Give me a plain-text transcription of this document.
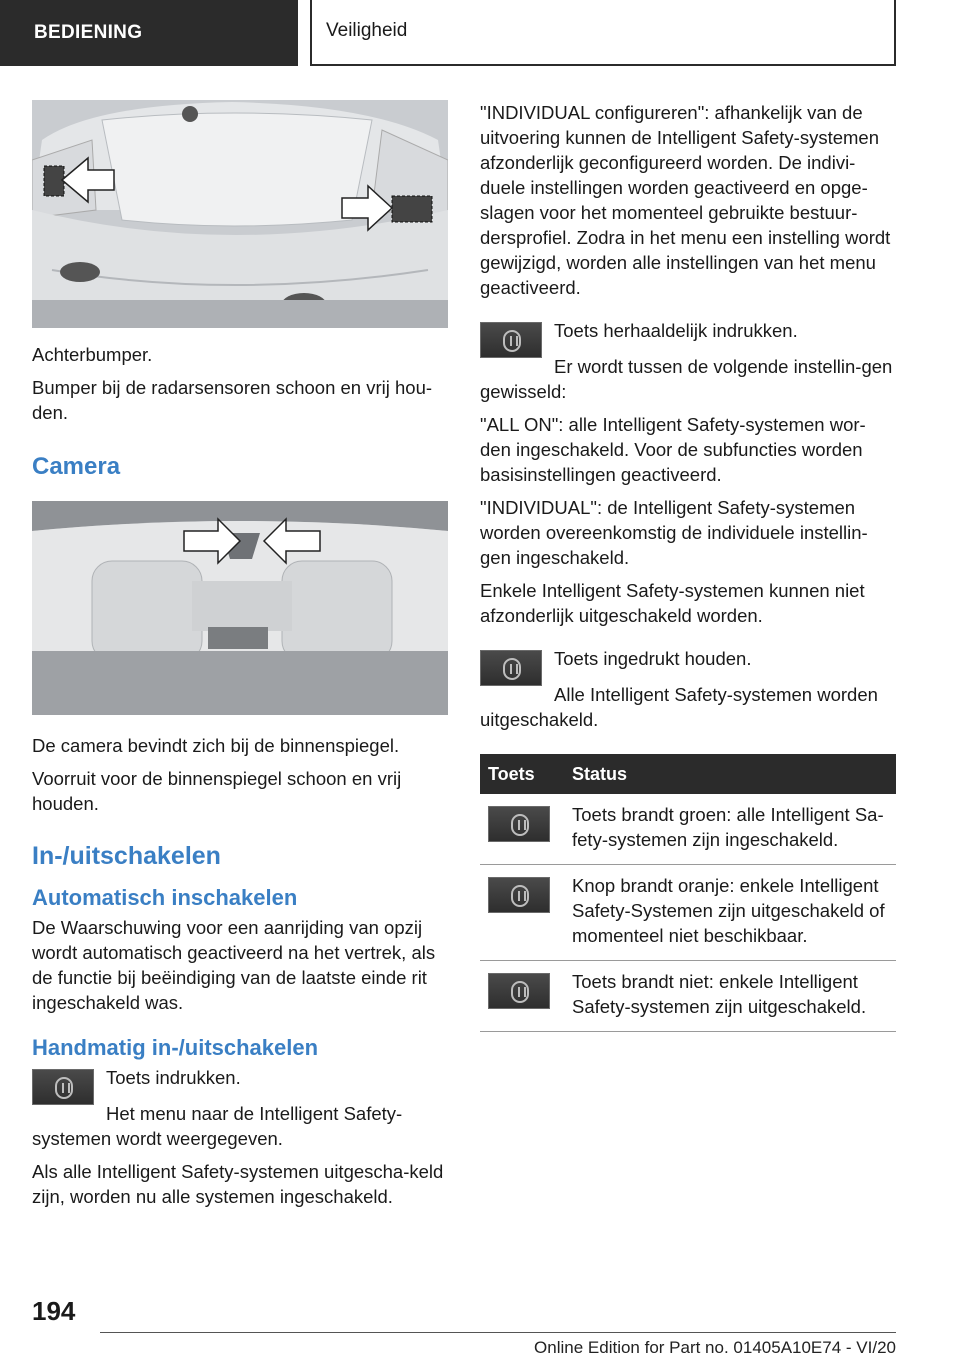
BEDIENING	Veiligheid

Achterbumper.

Bumper bij de radarsensoren schoon en vrij hou-den.

Camera

De camera bevindt zich bij de binnenspiegel.

Voorruit voor de binnenspiegel schoon en vrij houden.

In-/uitschakelen
Automatisch inschakelen

De Waarschuwing voor een aanrijding van opzij wordt automatisch geactiveerd na het vertrek, als de functie bij beëindiging van de laatste einde rit ingeschakeld was.

Handmatig in-/uitschakelen

Toets indrukken.

Het menu naar de Intelligent Safety-systemen wordt weergegeven.

Als alle Intelligent Safety-systemen uitgescha-keld zijn, worden nu alle systemen ingeschakeld.

"INDIVIDUAL configureren": afhankelijk van de uitvoering kunnen de Intelligent Safety-systemen afzonderlijk geconfigureerd worden. De indivi-duele instellingen worden geactiveerd en opge-slagen voor het momenteel gebruikte bestuur-dersprofiel. Zodra in het menu een instelling wordt gewijzigd, worden alle instellingen van het menu geactiveerd.

Toets herhaaldelijk indrukken.

Er wordt tussen de volgende instellin-gen gewisseld:

"ALL ON": alle Intelligent Safety-systemen wor-den ingeschakeld. Voor de subfuncties worden basisinstellingen geactiveerd.

"INDIVIDUAL": de Intelligent Safety-systemen worden overeenkomstig de individuele instellin-gen ingeschakeld.

Enkele Intelligent Safety-systemen kunnen niet afzonderlijk uitgeschakeld worden.

Toets ingedrukt houden.

Alle Intelligent Safety-systemen worden uitgeschakeld.

Toets	Status

	Toets brandt groen: alle Intelligent Sa-fety-systemen zijn ingeschakeld.

	Knop brandt oranje: enkele Intelligent Safety-Systemen zijn uitgeschakeld of momenteel niet beschikbaar.

	Toets brandt niet: enkele Intelligent Safety-systemen zijn uitgeschakeld.
194
Online Edition for Part no. 01405A10E74 - VI/20
